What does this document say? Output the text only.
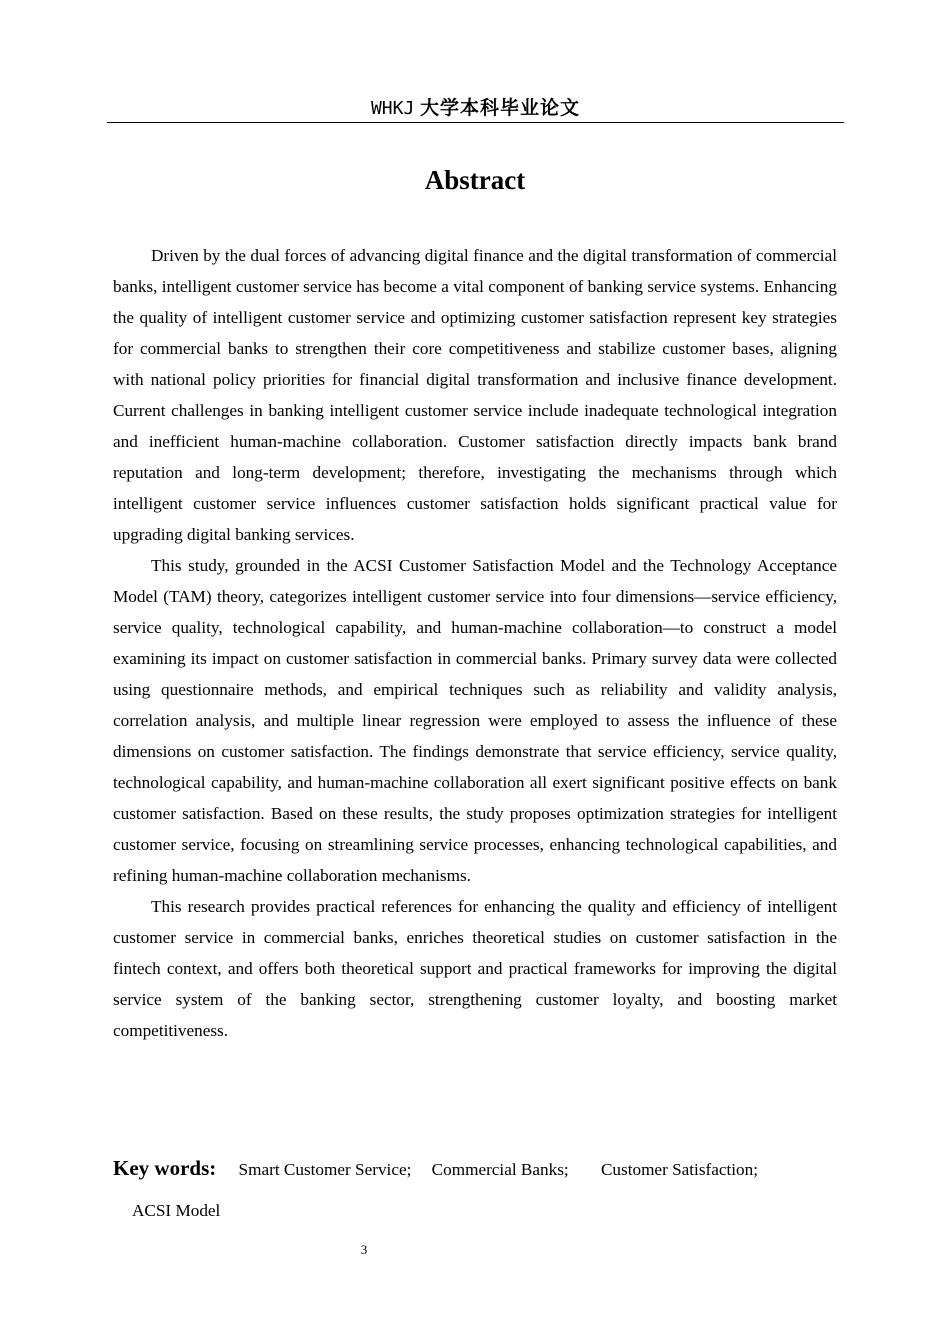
WHKJ 大学本科毕业论文
Abstract

Driven by the dual forces of advancing digital finance and the digital transformation of commercial banks, intelligent customer service has become a vital component of banking service systems. Enhancing the quality of intelligent customer service and optimizing customer satisfaction represent key strategies for commercial banks to strengthen their core competitiveness and stabilize customer bases, aligning with national policy priorities for financial digital transformation and inclusive finance development. Current challenges in banking intelligent customer service include inadequate technological integration and inefficient human-machine collaboration. Customer satisfaction directly impacts bank brand reputation and long-term development; therefore, investigating the mechanisms through which intelligent customer service influences customer satisfaction holds significant practical value for upgrading digital banking services.

This study, grounded in the ACSI Customer Satisfaction Model and the Technology Acceptance Model (TAM) theory, categorizes intelligent customer service into four dimensions—service efficiency, service quality, technological capability, and human-machine collaboration—to construct a model examining its impact on customer satisfaction in commercial banks. Primary survey data were collected using questionnaire methods, and empirical techniques such as reliability and validity analysis, correlation analysis, and multiple linear regression were employed to assess the influence of these dimensions on customer satisfaction. The findings demonstrate that service efficiency, service quality, technological capability, and human-machine collaboration all exert significant positive effects on bank customer satisfaction. Based on these results, the study proposes optimization strategies for intelligent customer service, focusing on streamlining service processes, enhancing technological capabilities, and refining human-machine collaboration mechanisms.

This research provides practical references for enhancing the quality and efficiency of intelligent customer service in commercial banks, enriches theoretical studies on customer satisfaction in the fintech context, and offers both theoretical support and practical frameworks for improving the digital service system of the banking sector, strengthening customer loyalty, and boosting market competitiveness.

Key words: Smart Customer Service; Commercial Banks; Customer Satisfaction;
ACSI Model
3
